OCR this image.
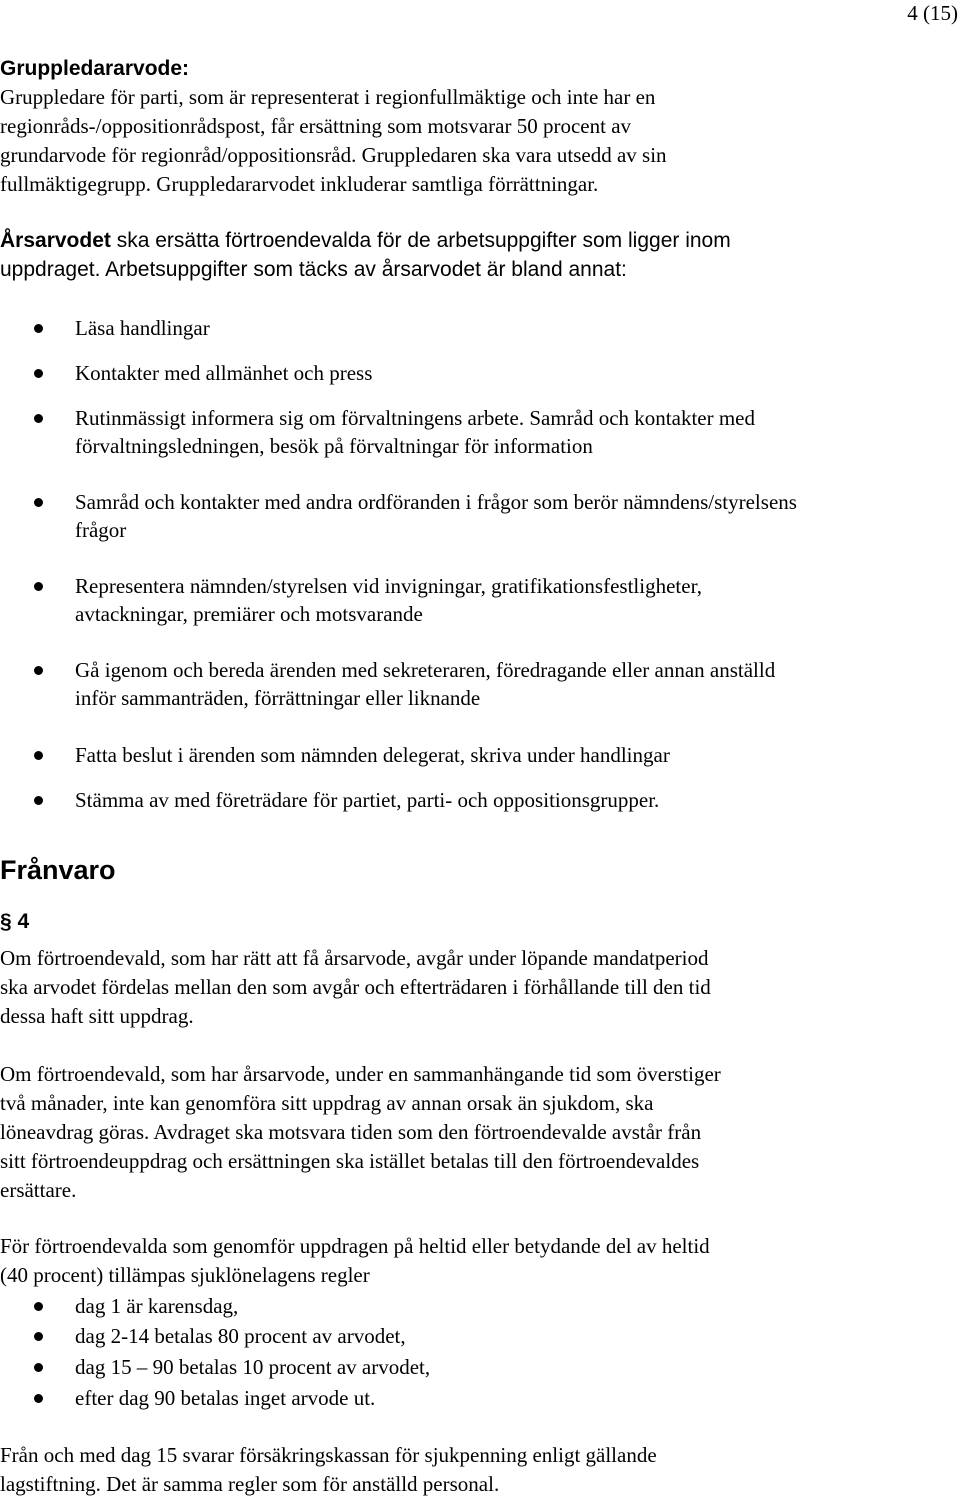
4 (15)
Gruppledararvode:
Gruppledare för parti, som är representerat i regionfullmäktige och inte har en
regionråds-/oppositionrådspost, får ersättning som motsvarar 50 procent av
grundarvode för regionråd/oppositionsråd. Gruppledaren ska vara utsedd av sin
fullmäktigegrupp. Gruppledararvodet inkluderar samtliga förrättningar.
Årsarvodet ska ersätta förtroendevalda för de arbetsuppgifter som ligger inom
uppdraget. Arbetsuppgifter som täcks av årsarvodet är bland annat:
Läsa handlingar
Kontakter med allmänhet och press
Rutinmässigt informera sig om förvaltningens arbete. Samråd och kontakter med
förvaltningsledningen, besök på förvaltningar för information
Samråd och kontakter med andra ordföranden i frågor som berör nämndens/styrelsens
frågor
Representera nämnden/styrelsen vid invigningar, gratifikationsfestligheter,
avtackningar, premiärer och motsvarande
Gå igenom och bereda ärenden med sekreteraren, föredragande eller annan anställd
inför sammanträden, förrättningar eller liknande
Fatta beslut i ärenden som nämnden delegerat, skriva under handlingar
Stämma av med företrädare för partiet, parti- och oppositionsgrupper.
Frånvaro
§ 4
Om förtroendevald, som har rätt att få årsarvode, avgår under löpande mandatperiod
ska arvodet fördelas mellan den som avgår och efterträdaren i förhållande till den tid
dessa haft sitt uppdrag.
Om förtroendevald, som har årsarvode, under en sammanhängande tid som överstiger
två månader, inte kan genomföra sitt uppdrag av annan orsak än sjukdom, ska
löneavdrag göras. Avdraget ska motsvara tiden som den förtroendevalde avstår från
sitt förtroendeuppdrag och ersättningen ska istället betalas till den förtroendevaldes
ersättare.
För förtroendevalda som genomför uppdragen på heltid eller betydande del av heltid
(40 procent) tillämpas sjuklönelagens regler
dag 1 är karensdag,
dag 2-14 betalas 80 procent av arvodet,
dag 15 – 90 betalas 10 procent av arvodet,
efter dag 90 betalas inget arvode ut.
Från och med dag 15 svarar försäkringskassan för sjukpenning enligt gällande
lagstiftning. Det är samma regler som för anställd personal.
